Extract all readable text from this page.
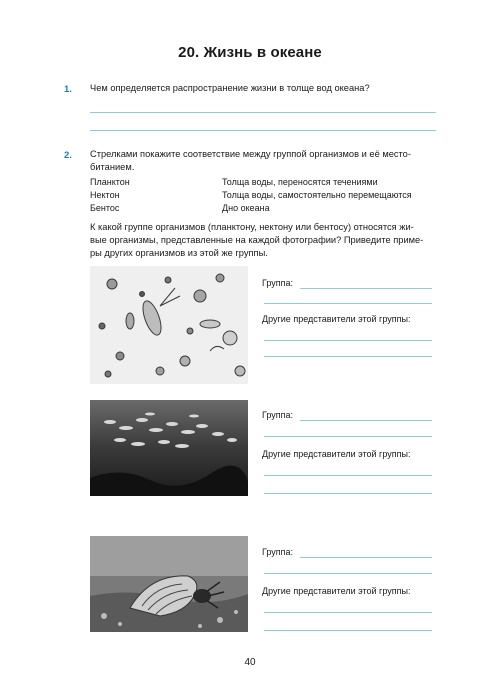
20. Жизнь в океане
1. Чем определяется распространение жизни в толще вод океана?
2. Стрелками покажите соответствие между группой организмов и её место-
битанием.
Планктон	Толща воды, переносятся течениями
Нектон	Толща воды, самостоятельно перемещаются
Бентос	Дно океана
К какой группе организмов (планктону, нектону или бентосу) относятся жи-
вые организмы, представленные на каждой фотографии? Приведите приме-
ры других организмов из этой же группы.
Группа:
Другие представители этой группы:
Группа:
Другие представители этой группы:
Группа:
Другие представители этой группы:
40
